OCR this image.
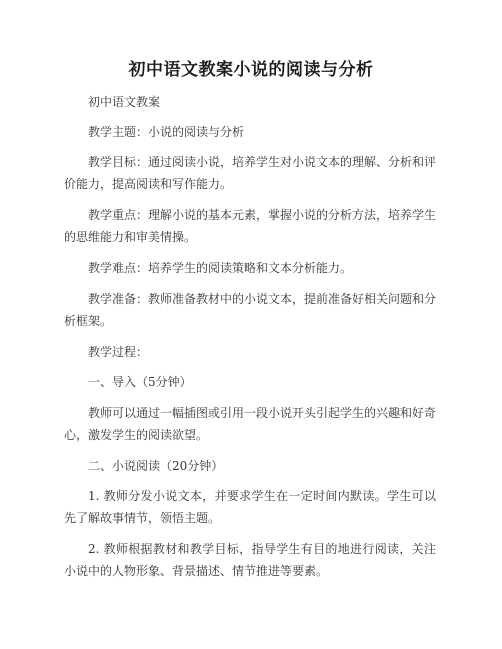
初中语文教案小说的阅读与分析

初中语文教案

教学主题：小说的阅读与分析

教学目标：通过阅读小说，培养学生对小说文本的理解、分析和评价能力，提高阅读和写作能力。

教学重点：理解小说的基本元素，掌握小说的分析方法，培养学生的思维能力和审美情操。

教学难点：培养学生的阅读策略和文本分析能力。

教学准备：教师准备教材中的小说文本，提前准备好相关问题和分析框架。

教学过程：

一、导入（5分钟）

教师可以通过一幅插图或引用一段小说开头引起学生的兴趣和好奇心，激发学生的阅读欲望。

二、小说阅读（20分钟）

1. 教师分发小说文本，并要求学生在一定时间内默读。学生可以先了解故事情节，领悟主题。

2. 教师根据教材和教学目标，指导学生有目的地进行阅读，关注小说中的人物形象、背景描述、情节推进等要素。
